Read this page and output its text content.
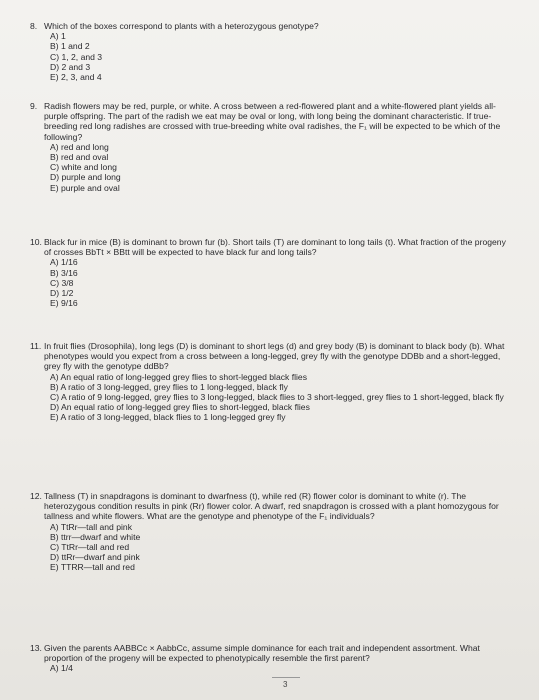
8. Which of the boxes correspond to plants with a heterozygous genotype?
A) 1
B) 1 and 2
C) 1, 2, and 3
D) 2 and 3
E) 2, 3, and 4
9. Radish flowers may be red, purple, or white. A cross between a red-flowered plant and a white-flowered plant yields all-purple offspring. The part of the radish we eat may be oval or long, with long being the dominant characteristic. If true-breeding red long radishes are crossed with true-breeding white oval radishes, the F₁ will be expected to be which of the following?
A) red and long
B) red and oval
C) white and long
D) purple and long
E) purple and oval
10. Black fur in mice (B) is dominant to brown fur (b). Short tails (T) are dominant to long tails (t). What fraction of the progeny of crosses BbTt × BBtt will be expected to have black fur and long tails?
A) 1/16
B) 3/16
C) 3/8
D) 1/2
E) 9/16
11. In fruit flies (Drosophila), long legs (D) is dominant to short legs (d) and grey body (B) is dominant to black body (b). What phenotypes would you expect from a cross between a long-legged, grey fly with the genotype DDBb and a short-legged, grey fly with the genotype ddBb?
A) An equal ratio of long-legged grey flies to short-legged black flies
B) A ratio of 3 long-legged, grey flies to 1 long-legged, black fly
C) A ratio of 9 long-legged, grey flies to 3 long-legged, black flies to 3 short-legged, grey flies to 1 short-legged, black fly
D) An equal ratio of long-legged grey flies to short-legged, black flies
E) A ratio of 3 long-legged, black flies to 1 long-legged grey fly
12. Tallness (T) in snapdragons is dominant to dwarfness (t), while red (R) flower color is dominant to white (r). The heterozygous condition results in pink (Rr) flower color. A dwarf, red snapdragon is crossed with a plant homozygous for tallness and white flowers. What are the genotype and phenotype of the F₁ individuals?
A) TtRr—tall and pink
B) ttrr—dwarf and white
C) TtRr—tall and red
D) ttRr—dwarf and pink
E) TTRR—tall and red
13. Given the parents AABBCc × AabbCc, assume simple dominance for each trait and independent assortment. What proportion of the progeny will be expected to phenotypically resemble the first parent?
A) 1/4
3
